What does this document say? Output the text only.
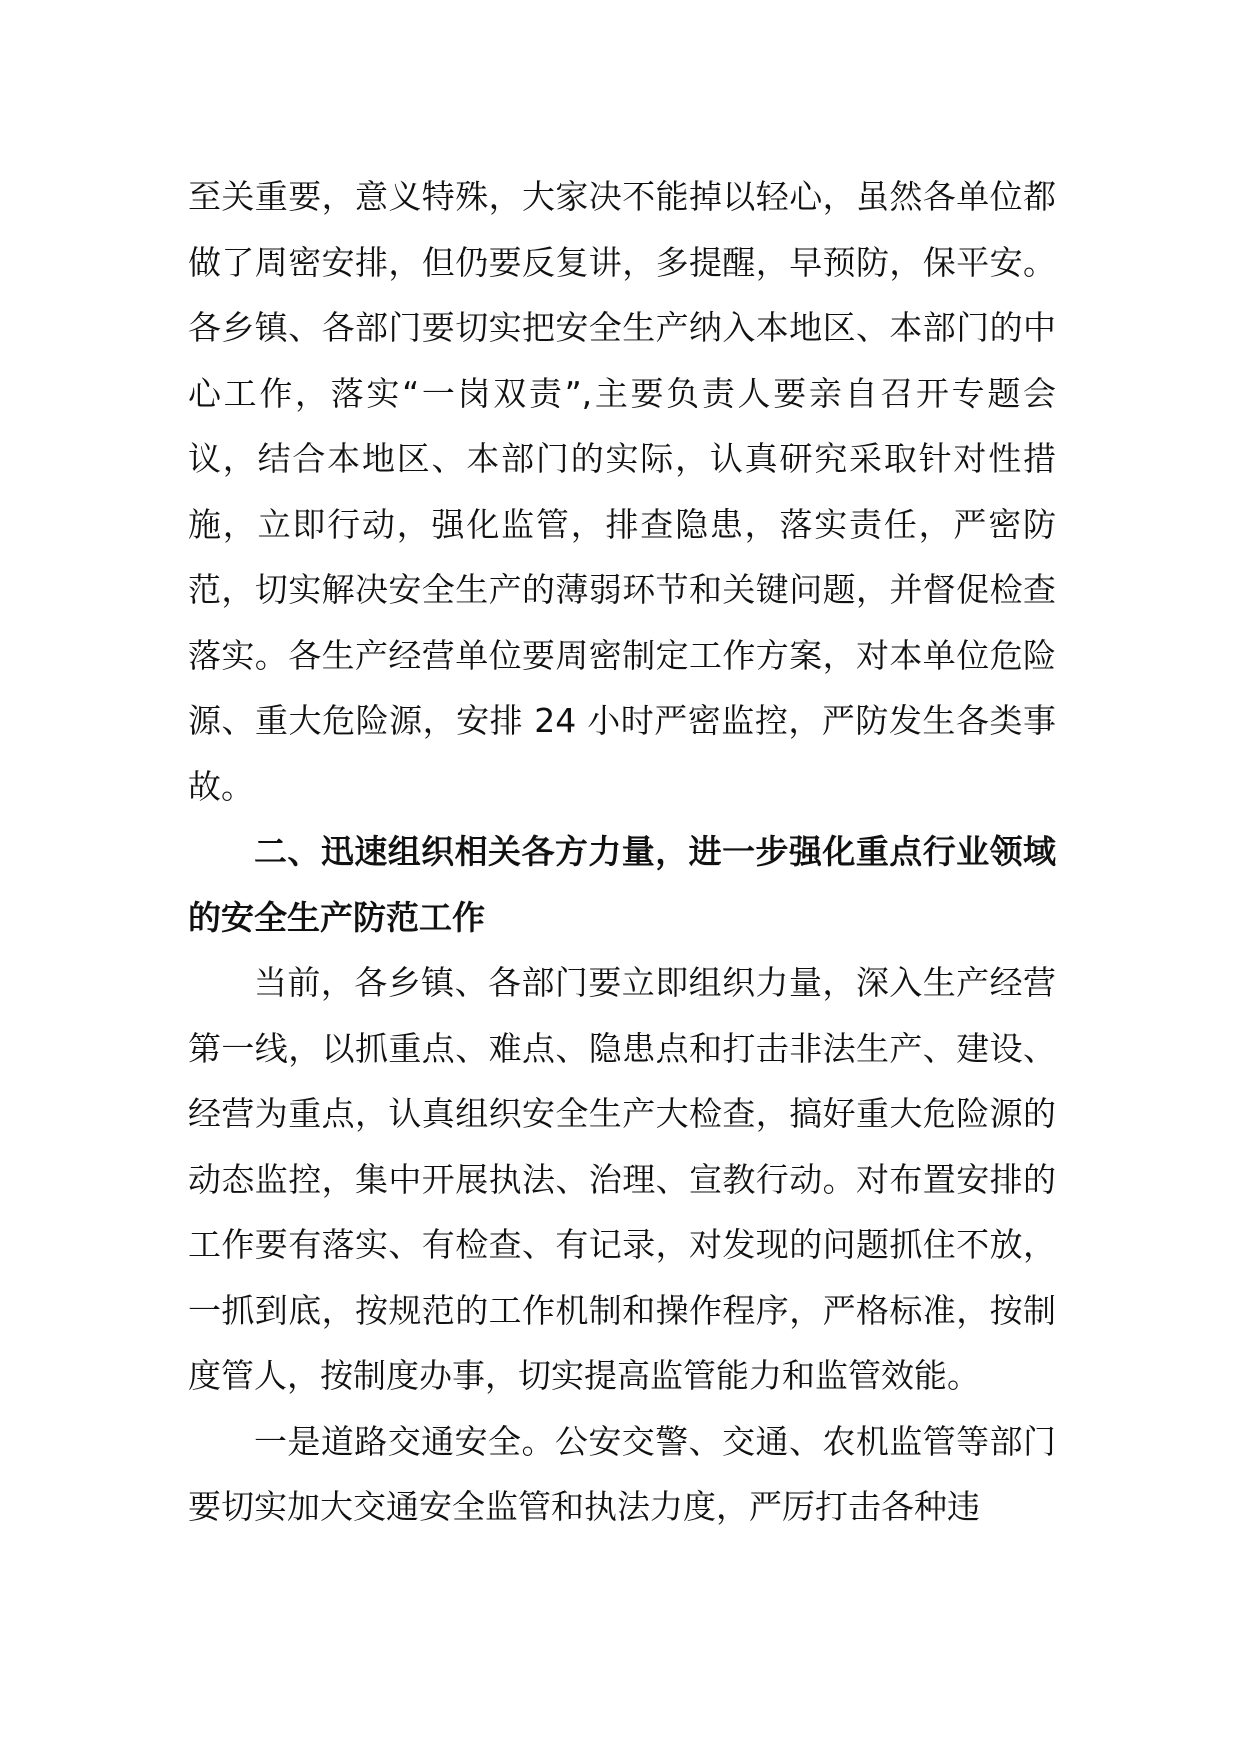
至关重要，意义特殊，大家决不能掉以轻心，虽然各单位都做了周密安排，但仍要反复讲，多提醒，早预防，保平安。各乡镇、各部门要切实把安全生产纳入本地区、本部门的中心工作，落实“一岗双责”,主要负责人要亲自召开专题会议，结合本地区、本部门的实际，认真研究采取针对性措施，立即行动，强化监管，排查隐患，落实责任，严密防范，切实解决安全生产的薄弱环节和关键问题，并督促检查落实。各生产经营单位要周密制定工作方案，对本单位危险源、重大危险源，安排 24 小时严密监控，严防发生各类事故。

二、迅速组织相关各方力量，进一步强化重点行业领域的安全生产防范工作

当前，各乡镇、各部门要立即组织力量，深入生产经营第一线，以抓重点、难点、隐患点和打击非法生产、建设、经营为重点，认真组织安全生产大检查，搞好重大危险源的动态监控，集中开展执法、治理、宣教行动。对布置安排的工作要有落实、有检查、有记录，对发现的问题抓住不放，一抓到底，按规范的工作机制和操作程序，严格标准，按制度管人，按制度办事，切实提高监管能力和监管效能。

一是道路交通安全。公安交警、交通、农机监管等部门要切实加大交通安全监管和执法力度，严厉打击各种违
